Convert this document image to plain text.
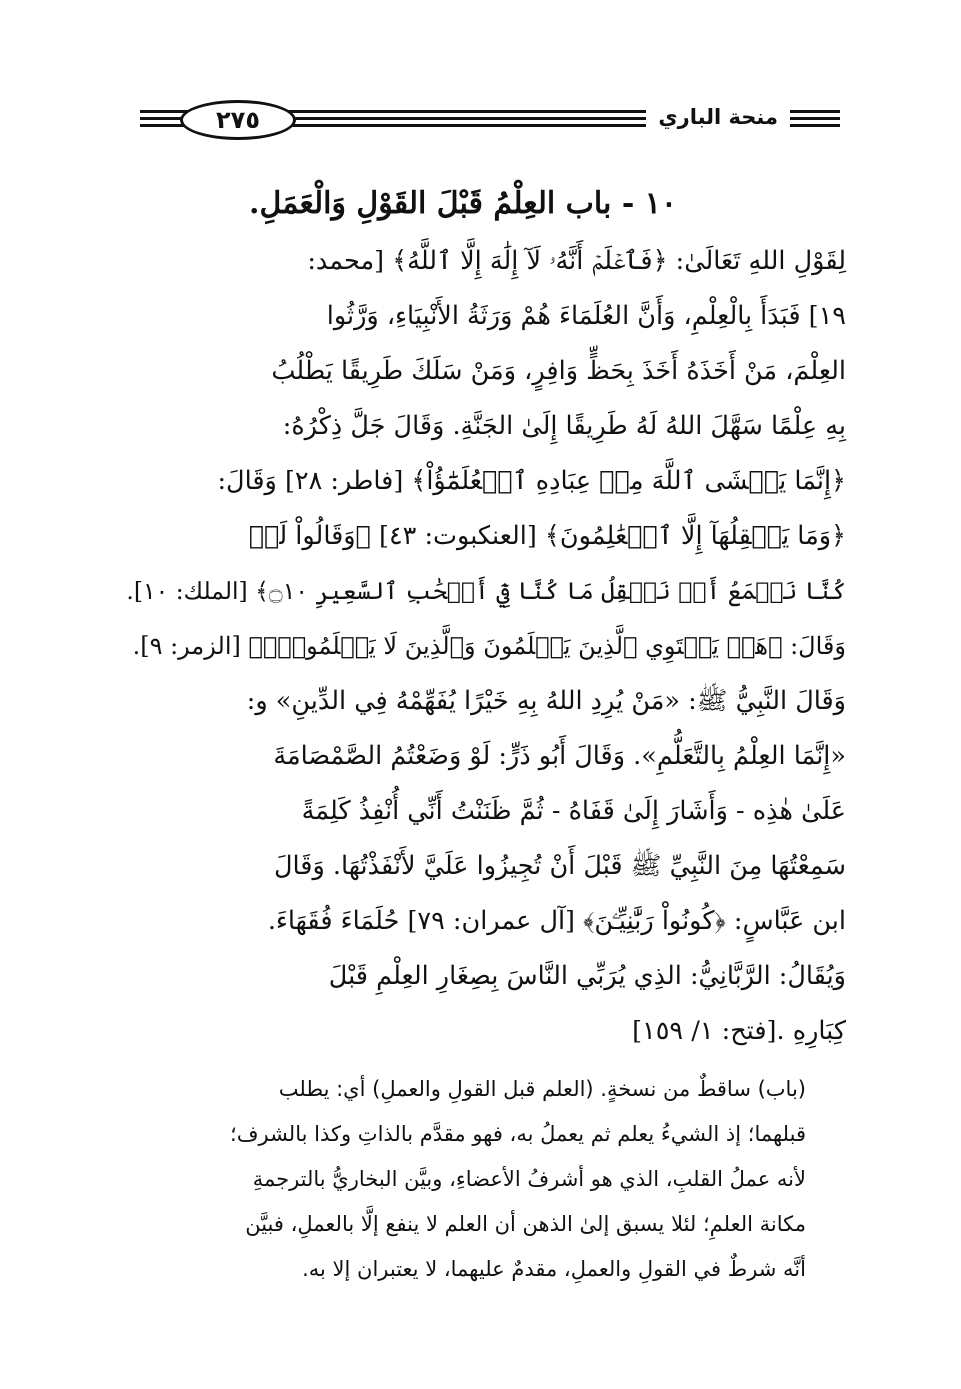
٢٧٥	منحة الباري
١٠ - باب العِلْمُ قَبْلَ القَوْلِ وَالْعَمَلِ.

لِقَوْلِ اللهِ تَعَالَىٰ: ﴿فَٱعۡلَمۡ أَنَّهُۥ لَآ إِلَٰهَ إِلَّا ٱللَّهُ﴾ [محمد:

١٩] فَبَدَأَ بِالْعِلْمِ، وَأَنَّ العُلَمَاءَ هُمْ وَرَثَةُ الأَنْبِيَاءِ، وَرَّثُوا

العِلْمَ، مَنْ أَخَذَهُ أَخَذَ بِحَظٍّ وَافِرٍ، وَمَنْ سَلَكَ طَرِيقًا يَطْلُبُ

بِهِ عِلْمًا سَهَّلَ اللهُ لَهُ طَرِيقًا إِلَىٰ الجَنَّةِ. وَقَالَ جَلَّ ذِكْرُهُ:

﴿إِنَّمَا يَخۡشَى ٱللَّهَ مِنۡ عِبَادِهِ ٱلۡعُلَمَٰٓؤُاْ﴾ [فاطر: ٢٨] وَقَالَ:

﴿وَمَا يَعۡقِلُهَآ إِلَّا ٱلۡعَٰلِمُونَ﴾ [العنكبوت: ٤٣] ﴿وَقَالُواْ لَوۡ

كُنَّا نَسۡمَعُ أَوۡ نَعۡقِلُ مَا كُنَّا فِيٓ أَصۡحَٰبِ ٱلسَّعِيرِ ۝١٠﴾ [الملك: ١٠].

وَقَالَ: ﴿هَلۡ يَسۡتَوِي ٱلَّذِينَ يَعۡلَمُونَ وَٱلَّذِينَ لَا يَعۡلَمُونَۗ﴾ [الزمر: ٩].

وَقَالَ النَّبِيُّ ﷺ: «مَنْ يُرِدِ اللهُ بِهِ خَيْرًا يُفَهِّمْهُ فِي الدِّينِ» و:

«إِنَّمَا العِلْمُ بِالتَّعَلُّمِ». وَقَالَ أَبُو ذَرٍّ: لَوْ وَضَعْتُمُ الصَّمْصَامَةَ

عَلَىٰ هٰذِه - وَأَشَارَ إِلَىٰ قَفَاهُ - ثُمَّ ظَنَنْتُ أَنِّي أُنْفِذُ كَلِمَةً

سَمِعْتُهَا مِنَ النَّبِيِّ ﷺ قَبْلَ أَنْ تُجِيزُوا عَلَيَّ لأَنْفَذْتُهَا. وَقَالَ

ابن عَبَّاسٍ: ﴿كُونُواْ رَبَّٰنِيِّـۧنَ﴾ [آل عمران: ٧٩] حُلَمَاءَ فُقَهَاءَ.

وَيُقَالُ: الرَّبَّانِيُّ: الذِي يُرَبِّي النَّاسَ بِصِغَارِ العِلْمِ قَبْلَ

كِبَارِهِ .[فتح: ١/ ١٥٩]

(باب) ساقطٌ من نسخةٍ. (العلم قبل القولِ والعملِ) أي: يطلب

قبلهما؛ إذ الشيءُ يعلم ثم يعملُ به، فهو مقدَّم بالذاتِ وكذا بالشرف؛

لأنه عملُ القلبِ، الذي هو أشرفُ الأعضاءِ، وبيَّن البخاريُّ بالترجمةِ

مكانة العلمِ؛ لئلا يسبق إلىٰ الذهن أن العلم لا ينفع إلَّا بالعملِ، فبيَّن

أنَّه شرطٌ في القولِ والعملِ، مقدمٌ عليهما، لا يعتبران إلا به.
